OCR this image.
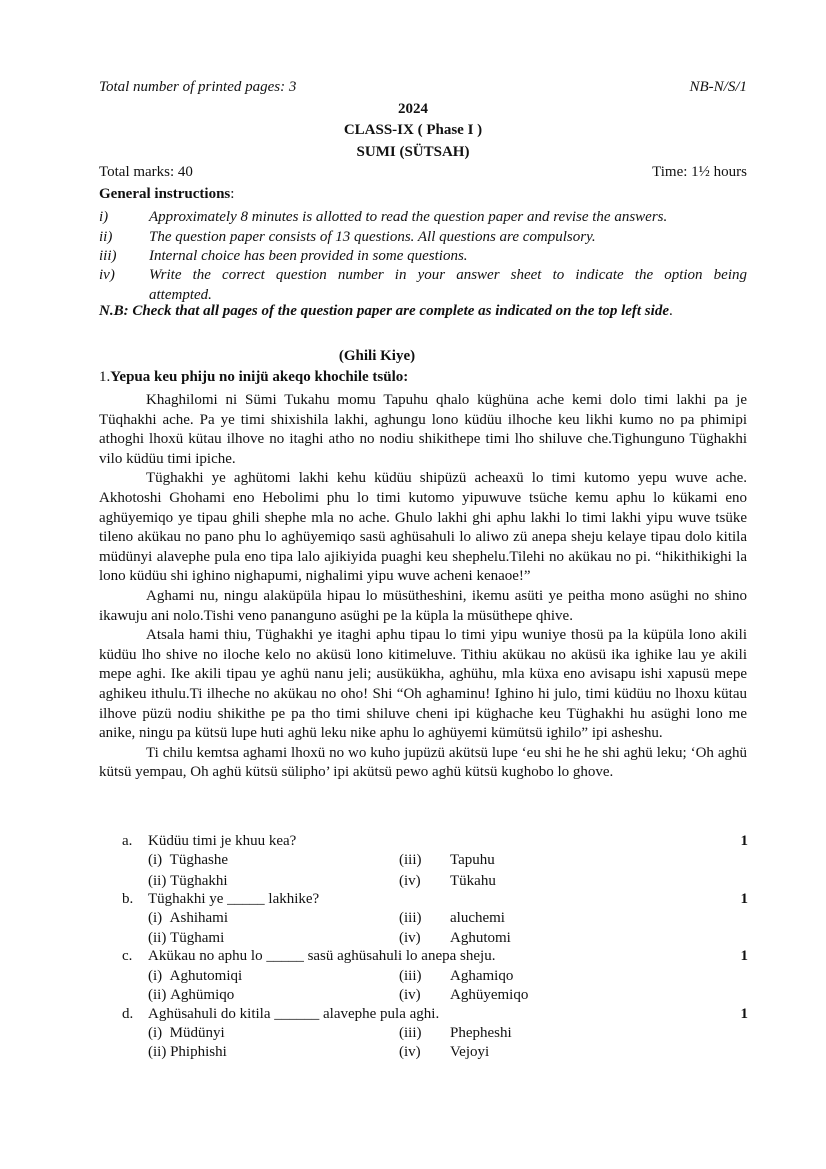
Total number of printed pages: 3	NB-N/S/1
2024
CLASS-IX ( Phase I )
SUMI (SÜTSAH)
Total marks: 40	Time: 1½ hours
General instructions:
i)	Approximately 8 minutes is allotted to read the question paper and revise the answers.
ii) The question paper consists of 13 questions. All questions are compulsory.
iii) Internal choice has been provided in some questions.
iv) Write the correct question number in your answer sheet to indicate the option being attempted.
N.B: Check that all pages of the question paper are complete as indicated on the top left side.
(Ghili Kiye)
1.Yepua keu phiju no inijü akeqo khochile tsülo:

Khaghilomi ni Sümi Tukahu momu Tapuhu qhalo küghüna ache kemi dolo timi lakhi pa je Tüqhakhi ache. Pa ye timi shixishila lakhi, aghungu lono küdüu ilhoche keu likhi kumo no pa phimipi athoghi lhoxü kütau ilhove no itaghi atho no nodiu shikithepe timi lho shiluve che.Tighunguno Tüghakhi vilo küdüu timi ipiche.

Tüghakhi ye aghütomi lakhi kehu küdüu shipüzü acheaxü lo timi kutomo yepu wuve ache. Akhotoshi Ghohami eno Hebolimi phu lo timi kutomo yipuwuve tsüche kemu aphu lo kükami eno aghüyemiqo ye tipau ghili shephe mla no ache. Ghulo lakhi ghi aphu lakhi lo timi lakhi yipu wuve tsüke tileno akükau no pano phu lo aghüyemiqo sasü aghüsahuli lo aliwo zü anepa sheju kelaye tipau dolo kitila müdünyi alavephe pula eno tipa lalo ajikiyida puaghi keu shephelu.Tilehi no akükau no pi. “hikithikighi la lono küdüu shi ighino nighapumi, nighalimi yipu wuve acheni kenaoe!”

Aghami nu, ningu alaküpüla hipau lo müsütheshini, ikemu asüti ye peitha mono asüghi no shino ikawuju ani nolo.Tishi veno pananguno asüghi pe la küpla la müsüthepe qhive.

Atsala hami thiu, Tüghakhi ye itaghi aphu tipau lo timi yipu wuniye thosü pa la küpüla lono akili küdüu lho shive no iloche kelo no aküsü lono kitimeluve. Tithiu akükau no aküsü ika ighike lau ye akili mepe aghi. Ike akili tipau ye aghü nanu jeli; ausükükha, aghühu, mla küxa eno avisapu ishi xapusü mepe aghikeu ithulu.Ti ilheche no akükau no oho! Shi “Oh aghaminu! Ighino hi julo, timi küdüu no lhoxu kütau ilhove püzü nodiu shikithe pe pa tho timi shiluve cheni ipi küghache keu Tüghakhi hu asüghi lono me anike, ningu pa kütsü lupe huti aghü leku nike aphu lo aghüyemi kümütsü ighilo” ipi asheshu.

Ti chilu kemtsa aghami lhoxü no wo kuho jupüzü akütsü lupe ‘eu shi he he shi aghü leku; ‘Oh aghü kütsü yempau, Oh aghü kütsü sülipho’ ipi akütsü pewo aghü kütsü kughobo lo ghove.

a. Küdüu timi je khuu kea?	1
(i) Tüghashe
(ii) Tüghakhi
(iii) Tapuhu
(iv) Tükahu
b. Tüghakhi ye _____ lakhike?	1
(i) Ashihami
(ii) Tüghami
(iii) aluchemi
(iv) Aghutomi
c. Akükau no aphu lo _____ sasü aghüsahuli lo anepa sheju.	1
(i) Aghutomiqi
(ii) Aghümiqo
(iii) Aghamiqo
(iv) Aghüyemiqo
d. Aghüsahuli do kitila ______ alavephe pula aghi.	1
(i) Müdünyi
(ii) Phiphishi
(iii) Phepheshi
(iv) Vejoyi
